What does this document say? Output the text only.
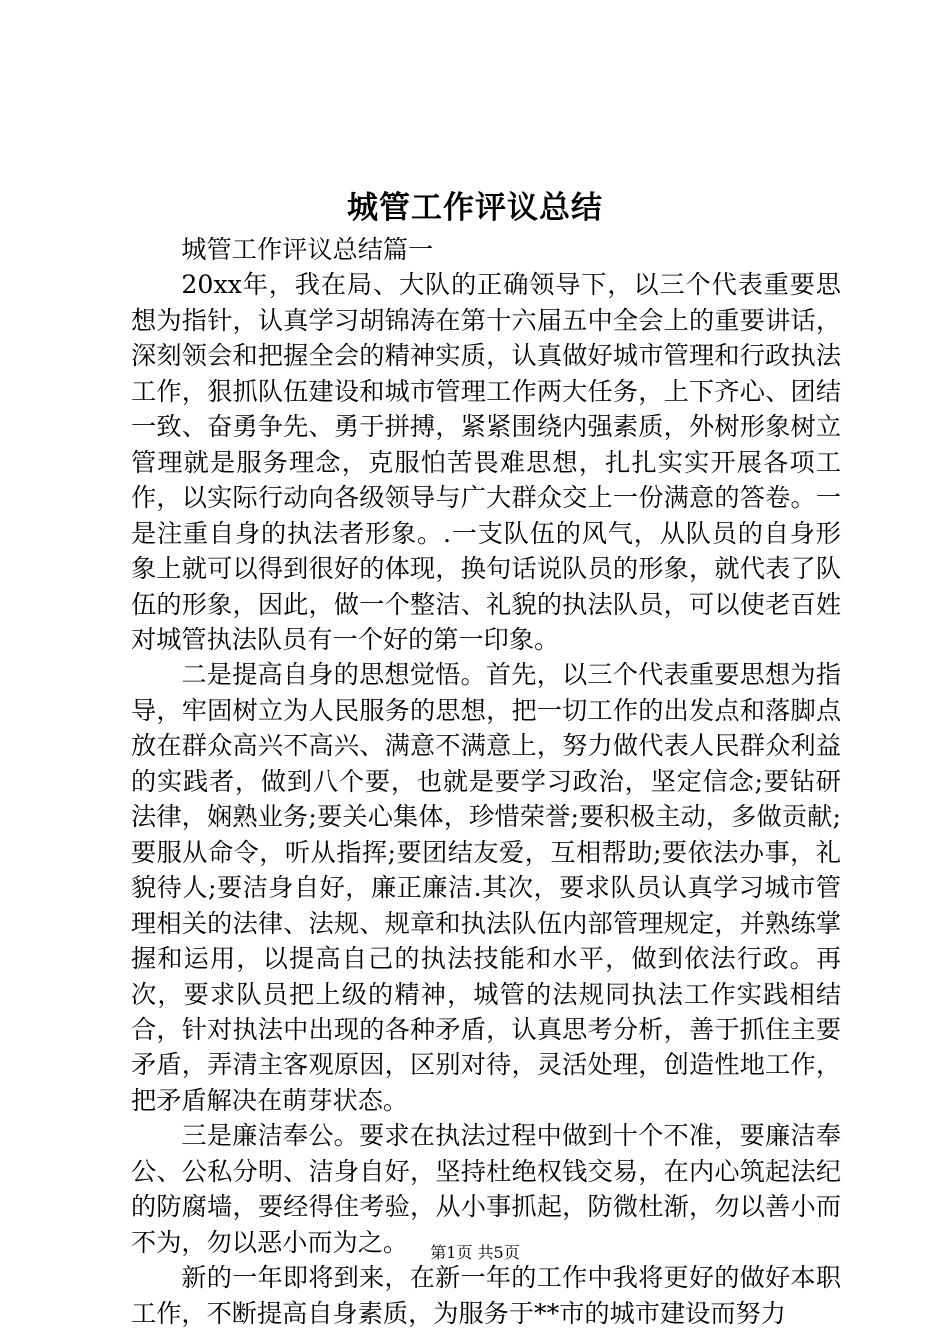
城管工作评议总结

城管工作评议总结篇一

20xx年，我在局、大队的正确领导下，以三个代表重要思想为指针，认真学习胡锦涛在第十六届五中全会上的重要讲话，深刻领会和把握全会的精神实质，认真做好城市管理和行政执法工作，狠抓队伍建设和城市管理工作两大任务，上下齐心、团结一致、奋勇争先、勇于拼搏，紧紧围绕内强素质，外树形象树立管理就是服务理念，克服怕苦畏难思想，扎扎实实开展各项工作，以实际行动向各级领导与广大群众交上一份满意的答卷。一是注重自身的执法者形象。.一支队伍的风气，从队员的自身形象上就可以得到很好的体现，换句话说队员的形象，就代表了队伍的形象，因此，做一个整洁、礼貌的执法队员，可以使老百姓对城管执法队员有一个好的第一印象。

二是提高自身的思想觉悟。首先，以三个代表重要思想为指导，牢固树立为人民服务的思想，把一切工作的出发点和落脚点放在群众高兴不高兴、满意不满意上，努力做代表人民群众利益的实践者，做到八个要，也就是要学习政治，坚定信念;要钻研法律，娴熟业务;要关心集体，珍惜荣誉;要积极主动，多做贡献;要服从命令，听从指挥;要团结友爱，互相帮助;要依法办事，礼貌待人;要洁身自好，廉正廉洁.其次，要求队员认真学习城市管理相关的法律、法规、规章和执法队伍内部管理规定，并熟练掌握和运用，以提高自己的执法技能和水平，做到依法行政。再次，要求队员把上级的精神，城管的法规同执法工作实践相结合，针对执法中出现的各种矛盾，认真思考分析，善于抓住主要矛盾，弄清主客观原因，区别对待，灵活处理，创造性地工作，把矛盾解决在萌芽状态。

三是廉洁奉公。要求在执法过程中做到十个不准，要廉洁奉公、公私分明、洁身自好，坚持杜绝权钱交易，在内心筑起法纪的防腐墙，要经得住考验，从小事抓起，防微杜渐，勿以善小而不为，勿以恶小而为之。

新的一年即将到来，在新一年的工作中我将更好的做好本职工作，不断提高自身素质，为服务于**市的城市建设而努力

第1页 共5页
